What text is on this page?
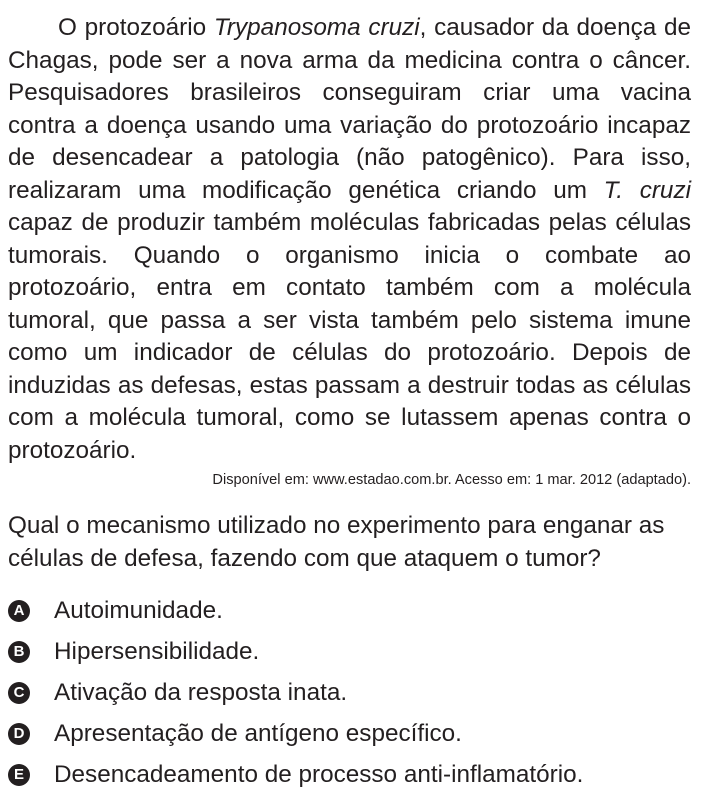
O protozoário Trypanosoma cruzi, causador da doença de Chagas, pode ser a nova arma da medicina contra o câncer. Pesquisadores brasileiros conseguiram criar uma vacina contra a doença usando uma variação do protozoário incapaz de desencadear a patologia (não patogênico). Para isso, realizaram uma modificação genética criando um T. cruzi capaz de produzir também moléculas fabricadas pelas células tumorais. Quando o organismo inicia o combate ao protozoário, entra em contato também com a molécula tumoral, que passa a ser vista também pelo sistema imune como um indicador de células do protozoário. Depois de induzidas as defesas, estas passam a destruir todas as células com a molécula tumoral, como se lutassem apenas contra o protozoário.

Disponível em: www.estadao.com.br. Acesso em: 1 mar. 2012 (adaptado).

Qual o mecanismo utilizado no experimento para enganar as células de defesa, fazendo com que ataquem o tumor?

A Autoimunidade.
B Hipersensibilidade.
C Ativação da resposta inata.
D Apresentação de antígeno específico.
E Desencadeamento de processo anti-inflamatório.
